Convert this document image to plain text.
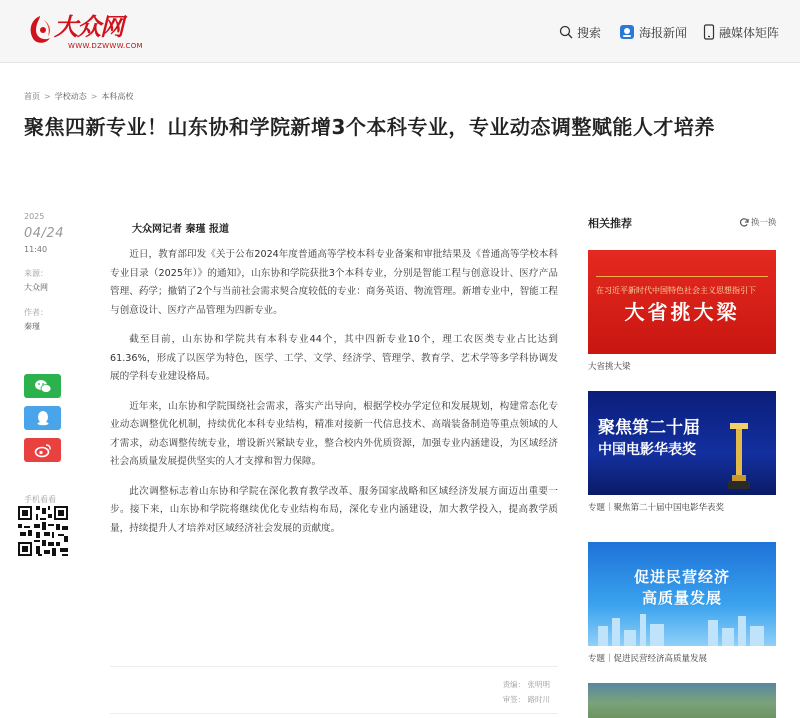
大众网
WWW.DZWWW.COM
搜索	海报新闻	融媒体矩阵
首页 > 学校动态 > 本科高校
聚焦四新专业！山东协和学院新增3个本科专业，专业动态调整赋能人才培养
2025
04/24
11:40
来源：
大众网
作者：
秦瑾
手机看看
大众网记者 秦瑾 报道

近日，教育部印发《关于公布2024年度普通高等学校本科专业备案和审批结果及《普通高等学校本科专业目录（2025年）》的通知》，山东协和学院获批3个本科专业，分别是智能工程与创意设计、医疗产品管理、药学；撤销了2个与当前社会需求契合度较低的专业：商务英语、物流管理。新增专业中，智能工程与创意设计、医疗产品管理为四新专业。

截至目前，山东协和学院共有本科专业44个，其中四新专业10个，理工农医类专业占比达到61.36%，形成了以医学为特色，医学、工学、文学、经济学、管理学、教育学、艺术学等多学科协调发展的学科专业建设格局。

近年来，山东协和学院围绕社会需求，落实产出导向，根据学校办学定位和发展规划，构建常态化专业动态调整优化机制，持续优化本科专业结构，精准对接新一代信息技术、高端装备制造等重点领域的人才需求，动态调整传统专业，增设新兴紧缺专业，整合校内外优质资源，加强专业内涵建设，为区域经济社会高质量发展提供坚实的人才支撑和智力保障。

此次调整标志着山东协和学院在深化教育教学改革、服务国家战略和区域经济发展方面迈出重要一步。接下来，山东协和学院将继续优化专业结构布局，深化专业内涵建设，加大教学投入，提高教学质量，持续提升人才培养对区域经济社会发展的贡献度。

责编： 张明明
审签： 路时川
相关推荐	换一换
在习近平新时代中国特色社会主义思想指引下
大省挑大梁
大省挑大梁
聚焦第二十届
中国电影华表奖
专题｜聚焦第二十届中国电影华表奖
促进民营经济
高质量发展
专题｜促进民营经济高质量发展
